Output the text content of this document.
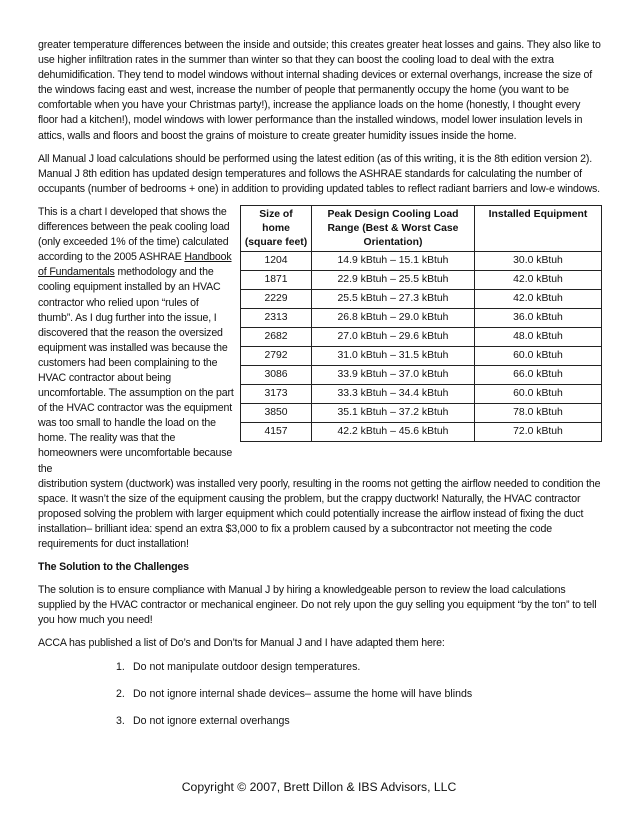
greater temperature differences between the inside and outside; this creates greater heat losses and gains. They also like to use higher infiltration rates in the summer than winter so that they can boost the cooling load to deal with the extra dehumidification. They tend to model windows without internal shading devices or external overhangs, increase the size of the windows facing east and west, increase the number of people that permanently occupy the home (you want to be comfortable when you have your Christmas party!), increase the appliance loads on the home (honestly, I thought every floor had a kitchen!), model windows with lower performance than the installed windows, model lower insulation levels in attics, walls and floors and boost the grains of moisture to create greater humidity issues inside the home.

All Manual J load calculations should be performed using the latest edition (as of this writing, it is the 8th edition version 2). Manual J 8th edition has updated design temperatures and follows the ASHRAE standards for calculating the number of occupants (number of bedrooms + one) in addition to providing updated tables to reflect radiant barriers and low-e windows.

Size of home (square feet)	Peak Design Cooling Load Range (Best & Worst Case Orientation)	Installed Equipment
1204	14.9 kBtuh – 15.1 kBtuh	30.0 kBtuh
1871	22.9 kBtuh – 25.5 kBtuh	42.0 kBtuh
2229	25.5 kBtuh – 27.3 kBtuh	42.0 kBtuh
2313	26.8 kBtuh – 29.0 kBtuh	36.0 kBtuh
2682	27.0 kBtuh – 29.6 kBtuh	48.0 kBtuh
2792	31.0 kBtuh – 31.5 kBtuh	60.0 kBtuh
3086	33.9 kBtuh – 37.0 kBtuh	66.0 kBtuh
3173	33.3 kBtuh – 34.4 kBtuh	60.0 kBtuh
3850	35.1 kBtuh – 37.2 kBtuh	78.0 kBtuh
4157	42.2 kBtuh – 45.6 kBtuh	72.0 kBtuh

This is a chart I developed that shows the differences between the peak cooling load (only exceeded 1% of the time) calculated according to the 2005 ASHRAE Handbook of Fundamentals methodology and the cooling equipment installed by an HVAC contractor who relied upon “rules of thumb”. As I dug further into the issue, I discovered that the reason the oversized equipment was installed was because the customers had been complaining to the HVAC contractor about being uncomfortable. The assumption on the part of the HVAC contractor was the equipment was too small to handle the load on the home. The reality was that the homeowners were uncomfortable because the

distribution system (ductwork) was installed very poorly, resulting in the rooms not getting the airflow needed to condition the space. It wasn’t the size of the equipment causing the problem, but the crappy ductwork! Naturally, the HVAC contractor proposed solving the problem with larger equipment which could potentially increase the airflow instead of fixing the duct installation– brilliant idea: spend an extra $3,000 to fix a problem caused by a subcontractor not meeting the code requirements for duct installation!

The Solution to the Challenges

The solution is to ensure compliance with Manual J by hiring a knowledgeable person to review the load calculations supplied by the HVAC contractor or mechanical engineer. Do not rely upon the guy selling you equipment “by the ton” to tell you how much you need!

ACCA has published a list of Do’s and Don’ts for Manual J and I have adapted them here:

1. Do not manipulate outdoor design temperatures.
2. Do not ignore internal shade devices– assume the home will have blinds
3. Do not ignore external overhangs
Copyright © 2007, Brett Dillon & IBS Advisors, LLC
